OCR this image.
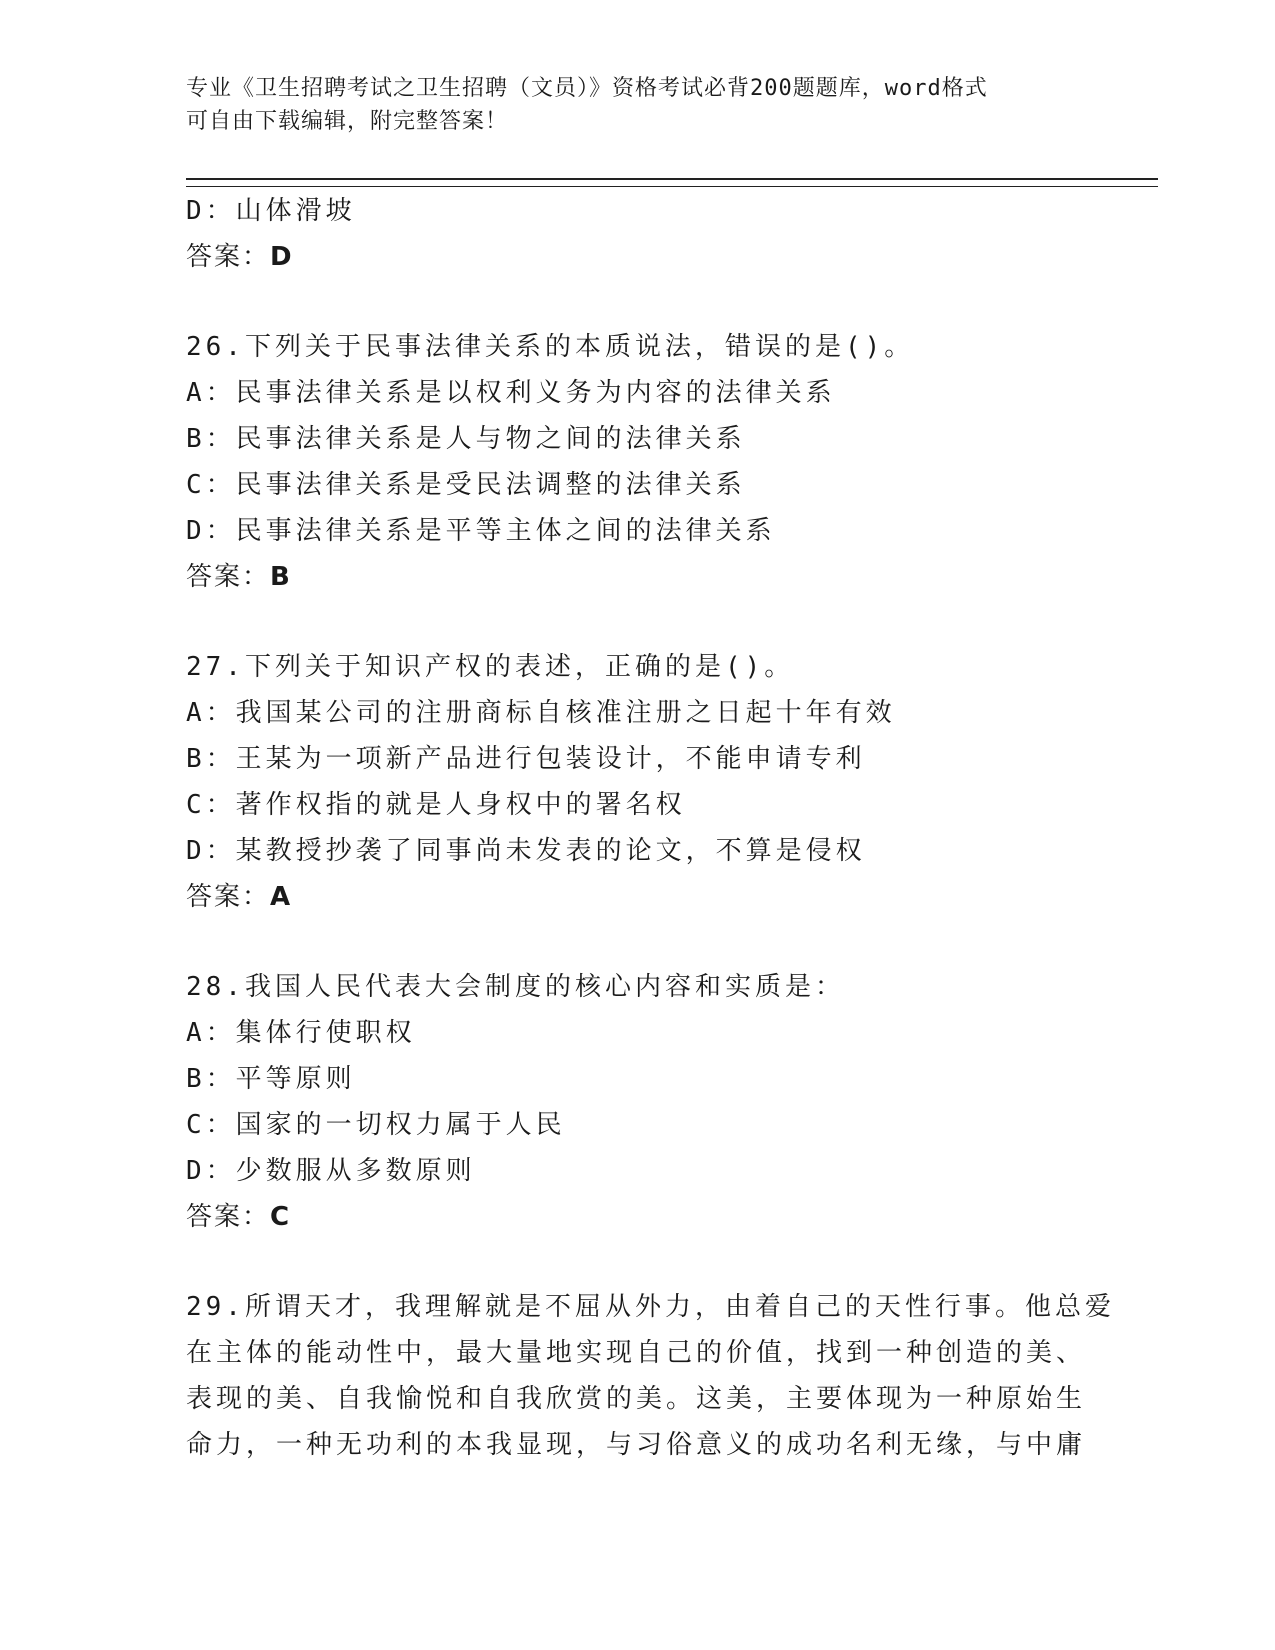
专业《卫生招聘考试之卫生招聘（文员）》资格考试必背200题题库，word格式
可自由下载编辑，附完整答案！
D：山体滑坡
答案：D
26.下列关于民事法律关系的本质说法，错误的是()。
A：民事法律关系是以权利义务为内容的法律关系
B：民事法律关系是人与物之间的法律关系
C：民事法律关系是受民法调整的法律关系
D：民事法律关系是平等主体之间的法律关系
答案：B
27.下列关于知识产权的表述，正确的是()。
A：我国某公司的注册商标自核准注册之日起十年有效
B：王某为一项新产品进行包装设计，不能申请专利
C：著作权指的就是人身权中的署名权
D：某教授抄袭了同事尚未发表的论文，不算是侵权
答案：A
28.我国人民代表大会制度的核心内容和实质是：
A：集体行使职权
B：平等原则
C：国家的一切权力属于人民
D：少数服从多数原则
答案：C
29.所谓天才，我理解就是不屈从外力，由着自己的天性行事。他总爱
在主体的能动性中，最大量地实现自己的价值，找到一种创造的美、
表现的美、自我愉悦和自我欣赏的美。这美，主要体现为一种原始生
命力，一种无功利的本我显现，与习俗意义的成功名利无缘，与中庸
